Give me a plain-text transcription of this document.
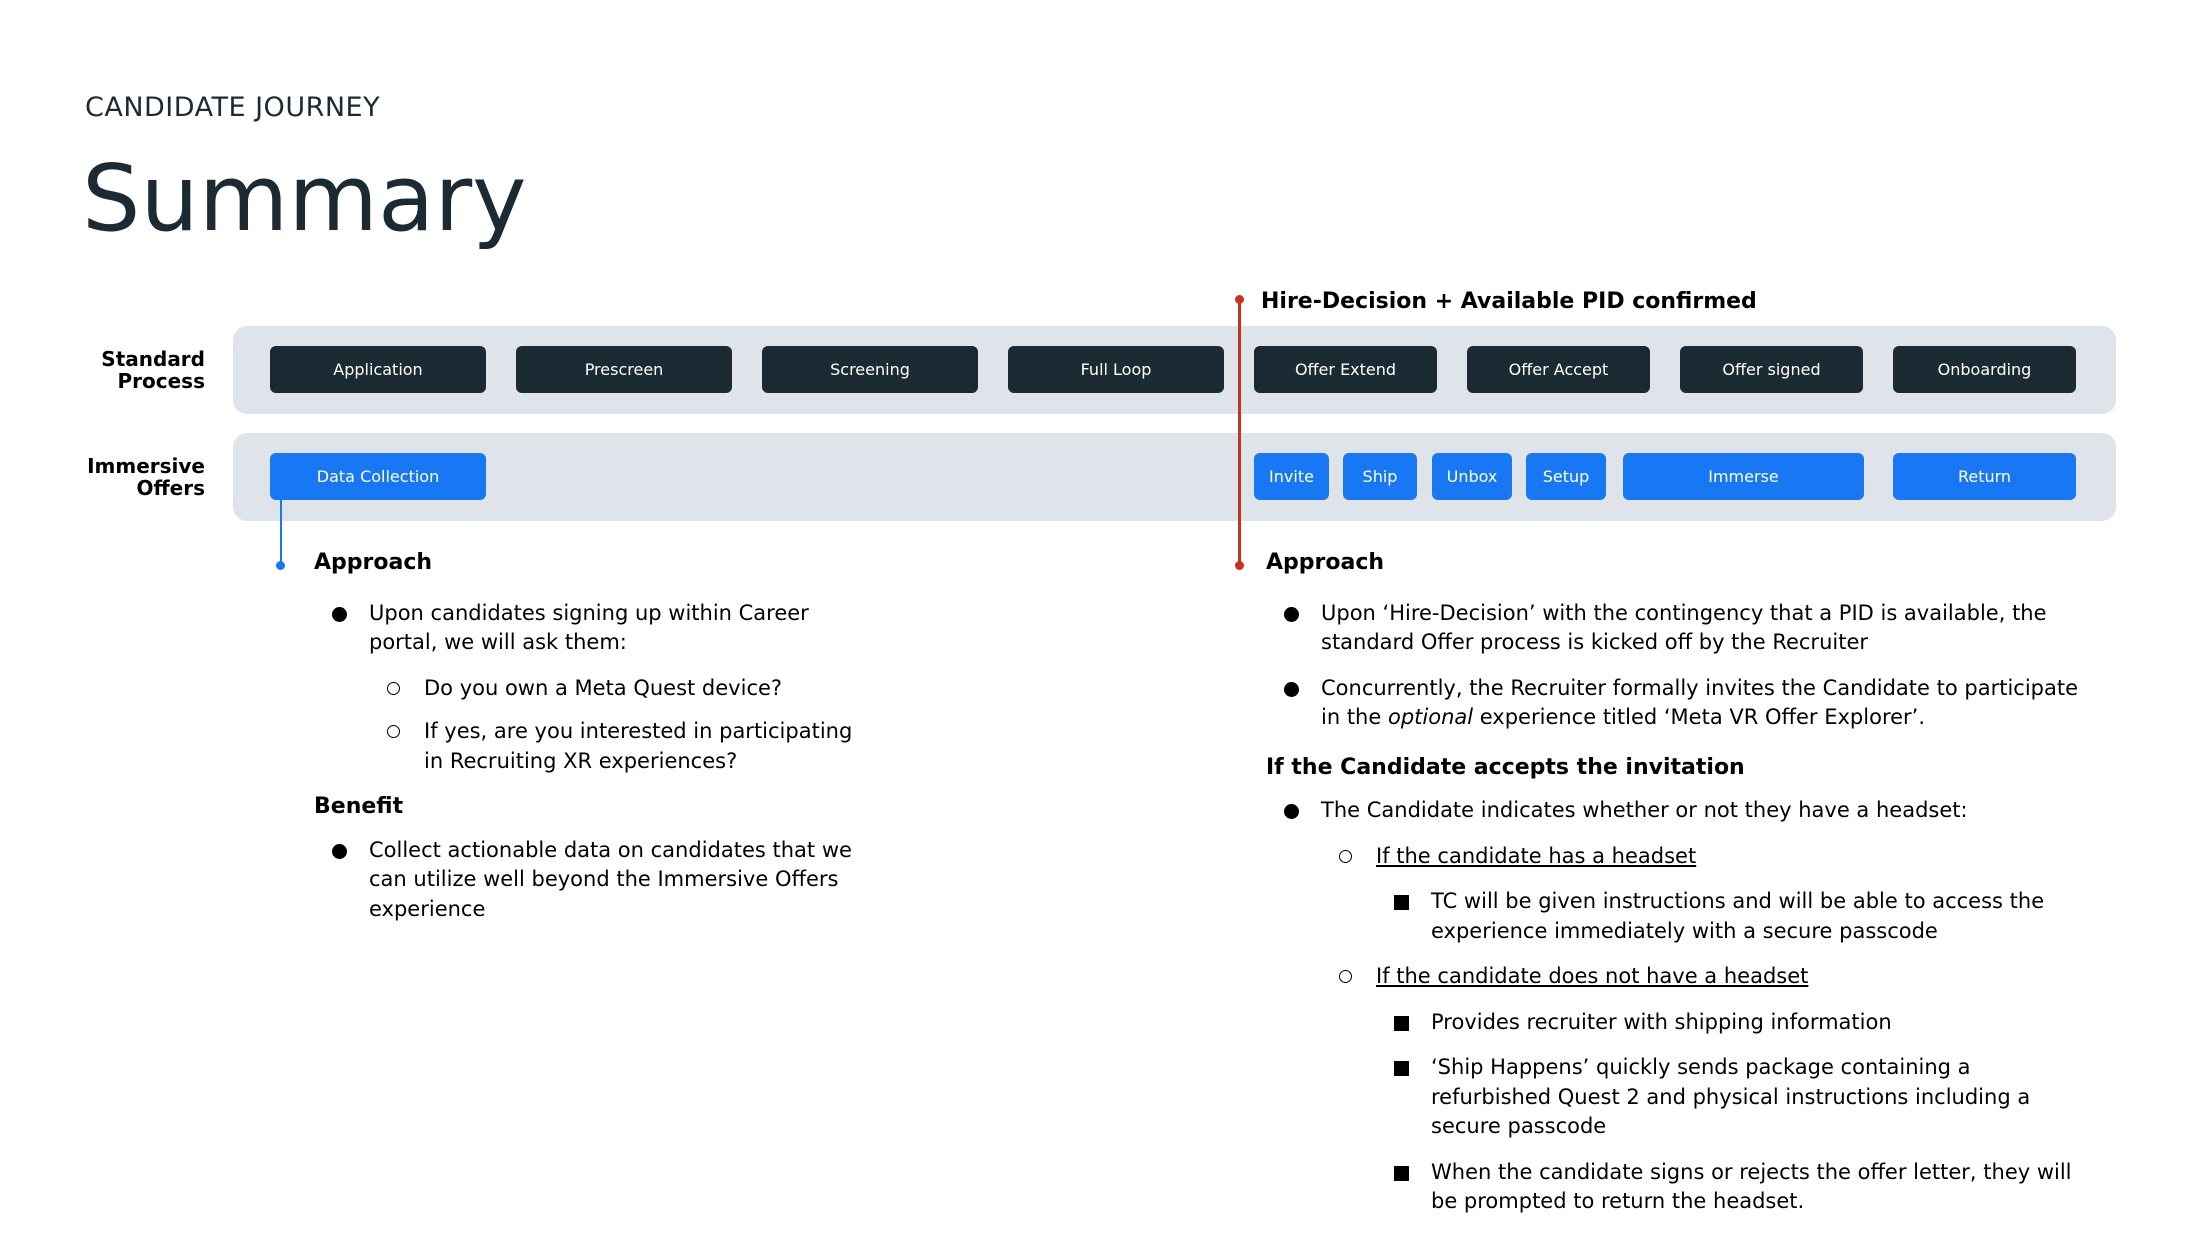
CANDIDATE JOURNEY
Summary
Standard
Process
Immersive
Offers
Application	Prescreen	Screening	Full Loop	Offer Extend	Offer Accept	Offer signed	Onboarding
Data Collection	Invite	Ship	Unbox	Setup	Immerse	Return
Hire-Decision + Available PID confirmed

Approach

Upon candidates signing up within Career portal, we will ask them:
Do you own a Meta Quest device?
If yes, are you interested in participating in Recruiting XR experiences?

Benefit

Collect actionable data on candidates that we can utilize well beyond the Immersive Offers experience

Approach

Upon ‘Hire-Decision’ with the contingency that a PID is available, the standard Offer process is kicked off by the Recruiter
Concurrently, the Recruiter formally invites the Candidate to participate in the optional experience titled ‘Meta VR Offer Explorer’.

If the Candidate accepts the invitation

The Candidate indicates whether or not they have a headset:
If the candidate has a headset
TC will be given instructions and will be able to access the experience immediately with a secure passcode
If the candidate does not have a headset
Provides recruiter with shipping information
‘Ship Happens’ quickly sends package containing a refurbished Quest 2 and physical instructions including a secure passcode
When the candidate signs or rejects the offer letter, they will be prompted to return the headset.
